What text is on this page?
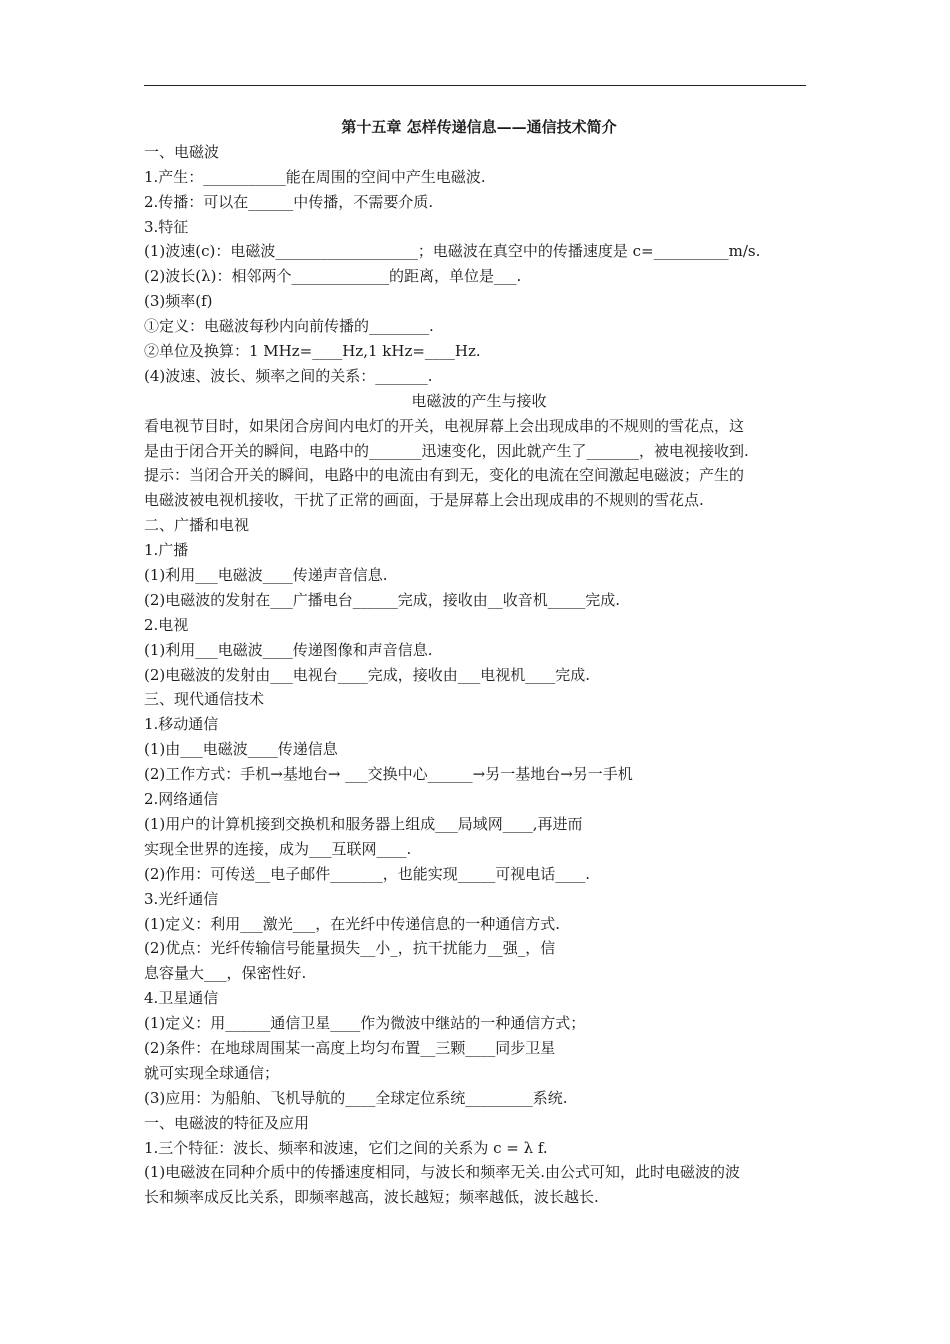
第十五章 怎样传递信息——通信技术简介
一、电磁波
1.产生：___________能在周围的空间中产生电磁波.
2.传播：可以在______中传播，不需要介质.
3.特征
(1)波速(c)：电磁波___________________；电磁波在真空中的传播速度是 c=__________m/s.
(2)波长(λ)：相邻两个_____________的距离，单位是___.
(3)频率(f)
①定义：电磁波每秒内向前传播的________.
②单位及换算：1 MHz=____Hz,1 kHz=____Hz.
(4)波速、波长、频率之间的关系：_______.
电磁波的产生与接收
看电视节目时，如果闭合房间内电灯的开关，电视屏幕上会出现成串的不规则的雪花点，这
是由于闭合开关的瞬间，电路中的_______迅速变化，因此就产生了_______，被电视接收到.
提示：当闭合开关的瞬间，电路中的电流由有到无，变化的电流在空间激起电磁波；产生的
电磁波被电视机接收，干扰了正常的画面，于是屏幕上会出现成串的不规则的雪花点.
二、广播和电视
1.广播
(1)利用___电磁波____传递声音信息.
(2)电磁波的发射在___广播电台______完成，接收由__收音机_____完成.
2.电视
(1)利用___电磁波____传递图像和声音信息.
(2)电磁波的发射由___电视台____完成，接收由___电视机____完成.
三、现代通信技术
1.移动通信
(1)由___电磁波____传递信息
(2)工作方式：手机→基地台→ ___交换中心______→另一基地台→另一手机
2.网络通信
(1)用户的计算机接到交换机和服务器上组成___局域网____,再进而
实现全世界的连接，成为___互联网____.
(2)作用：可传送__电子邮件_______，也能实现_____可视电话____.
3.光纤通信
(1)定义：利用___激光___，在光纤中传递信息的一种通信方式.
(2)优点：光纤传输信号能量损失__小_，抗干扰能力__强_，信
息容量大___，保密性好.
4.卫星通信
(1)定义：用______通信卫星____作为微波中继站的一种通信方式；
(2)条件：在地球周围某一高度上均匀布置__三颗____同步卫星
就可实现全球通信；
(3)应用：为船舶、飞机导航的____全球定位系统_________系统.
一、电磁波的特征及应用
1.三个特征：波长、频率和波速，它们之间的关系为 c = λ f.
(1)电磁波在同种介质中的传播速度相同，与波长和频率无关.由公式可知，此时电磁波的波
长和频率成反比关系，即频率越高，波长越短；频率越低，波长越长.
